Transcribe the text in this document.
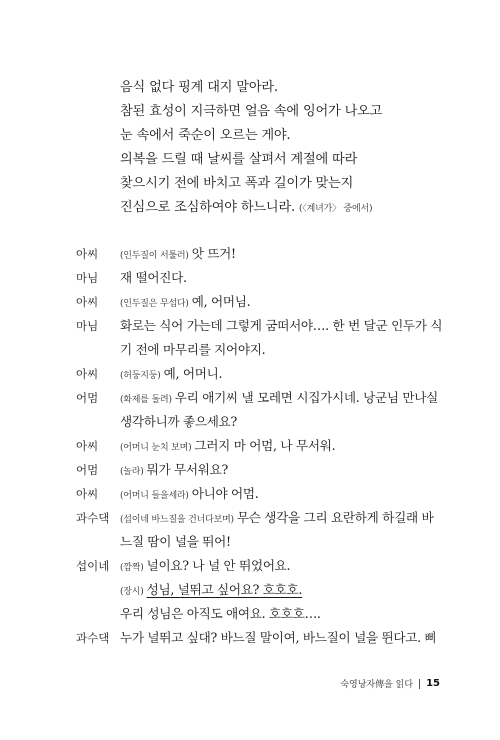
음식 없다 핑계 대지 말아라.
참된 효성이 지극하면 얼음 속에 잉어가 나오고
눈 속에서 죽순이 오르는 게야.
의복을 드릴 때 날씨를 살펴서 계절에 따라
찾으시기 전에 바치고 폭과 길이가 맞는지
진심으로 조심하여야 하느니라. (〈계녀가〉 중에서)
아씨	(인두질이 서툴러) 앗 뜨거!
마님	재 떨어진다.
아씨	(인두질은 무섭다) 예, 어머님.
마님	화로는 식어 가는데 그렇게 굼떠서야…. 한 번 달군 인두가 식
기 전에 마무리를 지어야지.
아씨	(허둥지둥) 예, 어머니.
어멈	(화제를 돌려) 우리 애기씨 낼 모레면 시집가시네. 낭군님 만나실
생각하니까 좋으세요?
아씨	(어머니 눈치 보며) 그러지 마 어멈, 나 무서워.
어멈	(놀라) 뭐가 무서워요?
아씨	(어머니 들을세라) 아니야 어멈.
과수댁	(섭이네 바느질을 건너다보며) 무슨 생각을 그리 요란하게 하길래 바
느질 땀이 널을 뛰어!
섭이네	(깜짝) 널이요? 나 널 안 뛰었어요.
(장시) 성님, 널뛰고 싶어요? 호호호.
우리 성님은 아직도 애여요. 호호호….
과수댁 누가 널뛰고 싶대? 바느질 말이여, 바느질이 널을 뛴다고. 삐
숙영낭자傳을 읽다 15
